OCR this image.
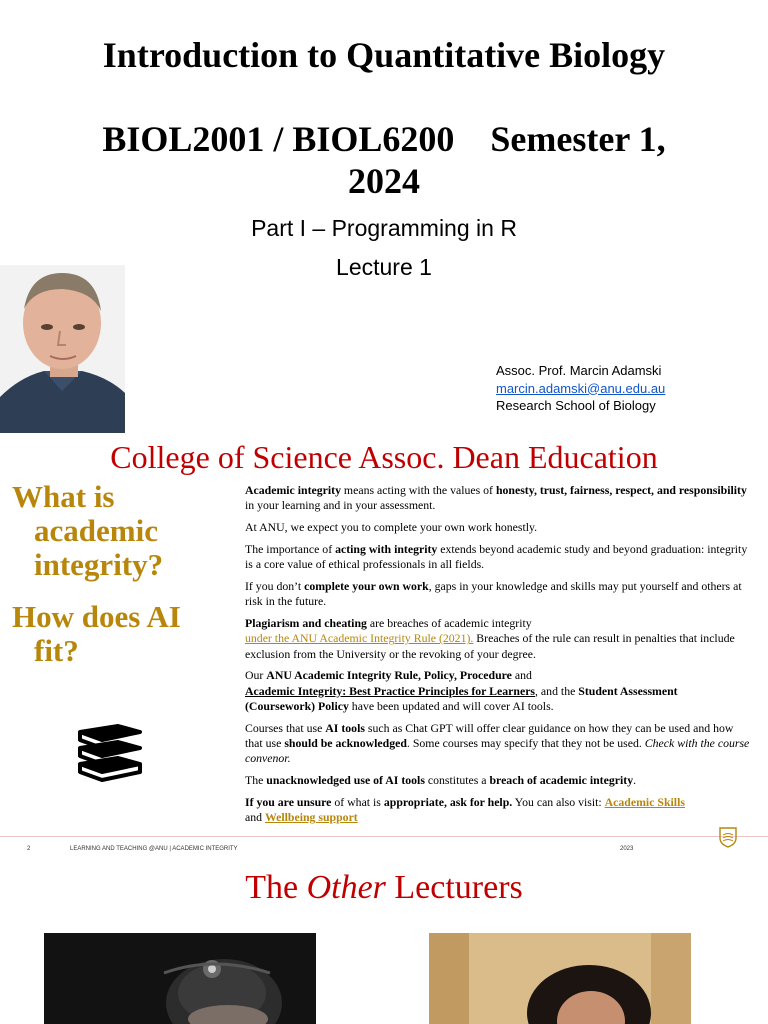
Introduction to Quantitative Biology
BIOL2001 / BIOL6200    Semester 1,
2024
Part I – Programming in R
Lecture 1
Assoc. Prof. Marcin Adamski
marcin.adamski@anu.edu.au
Research School of Biology
College of Science Assoc. Dean Education
What is
academic
integrity?
How does AI
fit?

Academic integrity means acting with the values of honesty, trust, fairness, respect, and responsibility in your learning and in your assessment.

At ANU, we expect you to complete your own work honestly.

The importance of acting with integrity extends beyond academic study and beyond graduation: integrity is a core value of ethical professionals in all fields.

If you don’t complete your own work, gaps in your knowledge and skills may put yourself and others at risk in the future.

Plagiarism and cheating are breaches of academic integrity
under the ANU Academic Integrity Rule (2021). Breaches of the rule can result in penalties that include exclusion from the University or the revoking of your degree.

Our ANU Academic Integrity Rule, Policy, Procedure and
Academic Integrity: Best Practice Principles for Learners, and the Student Assessment (Coursework) Policy have been updated and will cover AI tools.

Courses that use AI tools such as Chat GPT will offer clear guidance on how they can be used and how that use should be acknowledged. Some courses may specify that they not be used. Check with the course convenor.

The unacknowledged use of AI tools constitutes a breach of academic integrity.

If you are unsure of what is appropriate, ask for help. You can also visit: Academic Skills
and Wellbeing support

2	LEARNING AND TEACHING @ANU | ACADEMIC INTEGRITY	2023
The Other Lecturers
